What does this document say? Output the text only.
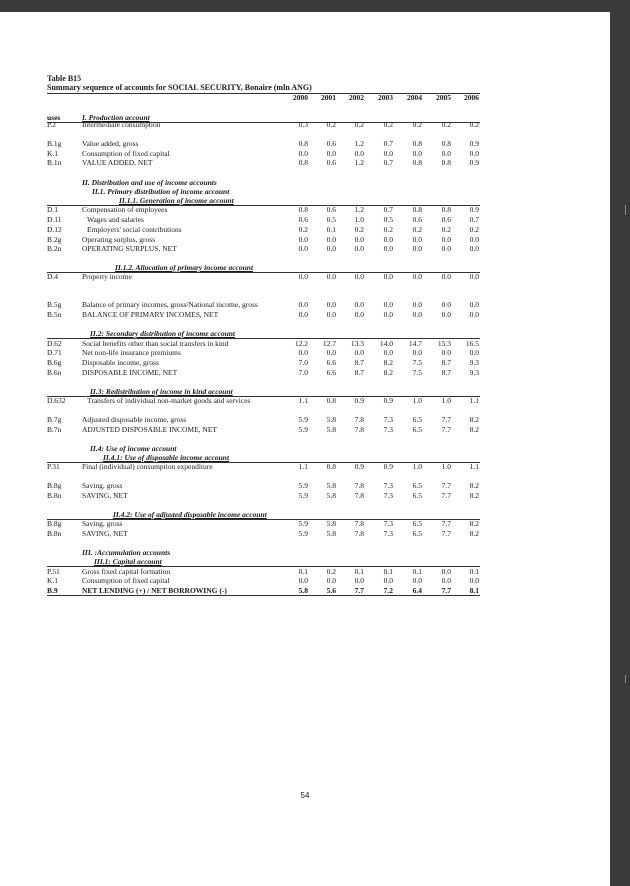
Table B15
Summary sequence of accounts for SOCIAL SECURITY, Bonaire (mln ANG)
2000	2001	2002	2003	2004	2005	2006
uses	I. Production account
II. Distribution and use of income accounts
II.1. Primary distribution of income account
II.1.1. Generation of income account
II.1.2. Allocation of primary income account
II.2: Secondary distribution of income account
II.3: Redistribution of income in kind account
II.4: Use of income account
II.4.1: Use of disposable income account
II.4.2: Use of adjusted disposable income account
III. :Accumulation accounts
III.1: Capital account
P.2	Intermediate consumption	0.3	0.2	0.2	0.2	0.2	0.2	0.2
B.1g	Value added, gross	0.8	0.6	1.2	0.7	0.8	0.8	0.9
K.1	Consumption of fixed capital	0.0	0.0	0.0	0.0	0.0	0.0	0.0
B.1n	VALUE ADDED, NET	0.8	0.6	1.2	0.7	0.8	0.8	0.9
D.1	Compensation of employees	0.8	0.6	1.2	0.7	0.8	0.8	0.9
D.11	Wages and salaries	0.6	0.5	1.0	0.5	0.6	0.6	0.7
D.12	Employers' social contributions	0.2	0.1	0.2	0.2	0.2	0.2	0.2
B.2g	Operating surplus, gross	0.0	0.0	0.0	0.0	0.0	0.0	0.0
B.2n	OPERATING SURPLUS, NET	0.0	0.0	0.0	0.0	0.0	0.0	0.0
D.4	Property income	0.0	0.0	0.0	0.0	0.0	0.0	0.0
B.5g	Balance of primary incomes, gross/National income, gross	0.0	0.0	0.0	0.0	0.0	0.0	0.0
B.5n	BALANCE OF PRIMARY INCOMES, NET	0.0	0.0	0.0	0.0	0.0	0.0	0.0
D.62	Social benefits other than social transfers in kind	12.2	12.7	13.3	14.0	14.7	15.3	16.5
D.71	Net non-life insurance premiums	0.0	0.0	0.0	0.0	0.0	0.0	0.0
B.6g	Disposable income, gross	7.0	6.6	8.7	8.2	7.5	8.7	9.3
B.6n	DISPOSABLE INCOME, NET	7.0	6.6	8.7	8.2	7.5	8.7	9.3
D.632	Transfers of individual non-market goods and services	1.1	0.8	0.9	0.9	1.0	1.0	1.1
B.7g	Adjusted disposable income, gross	5.9	5.8	7.8	7.3	6.5	7.7	8.2
B.7n	ADJUSTED DISPOSABLE INCOME, NET	5.9	5.8	7.8	7.3	6.5	7.7	8.2
P.31	Final (individual) consumption expenditure	1.1	0.8	0.9	0.9	1.0	1.0	1.1
B.8g	Saving, gross	5.9	5.8	7.8	7.3	6.5	7.7	8.2
B.8n	SAVING, NET	5.9	5.8	7.8	7.3	6.5	7.7	8.2
B.8g	Saving, gross	5.9	5.8	7.8	7.3	6.5	7.7	8.2
B.8n	SAVING, NET	5.9	5.8	7.8	7.3	6.5	7.7	8.2
P.51	Gross fixed capital formation	0.1	0.2	0.1	0.1	0.1	0.0	0.1
K.1	Consumption of fixed capital	0.0	0.0	0.0	0.0	0.0	0.0	0.0
B.9	NET LENDING (+) / NET BORROWING (-)	5.8	5.6	7.7	7.2	6.4	7.7	8.1
54
